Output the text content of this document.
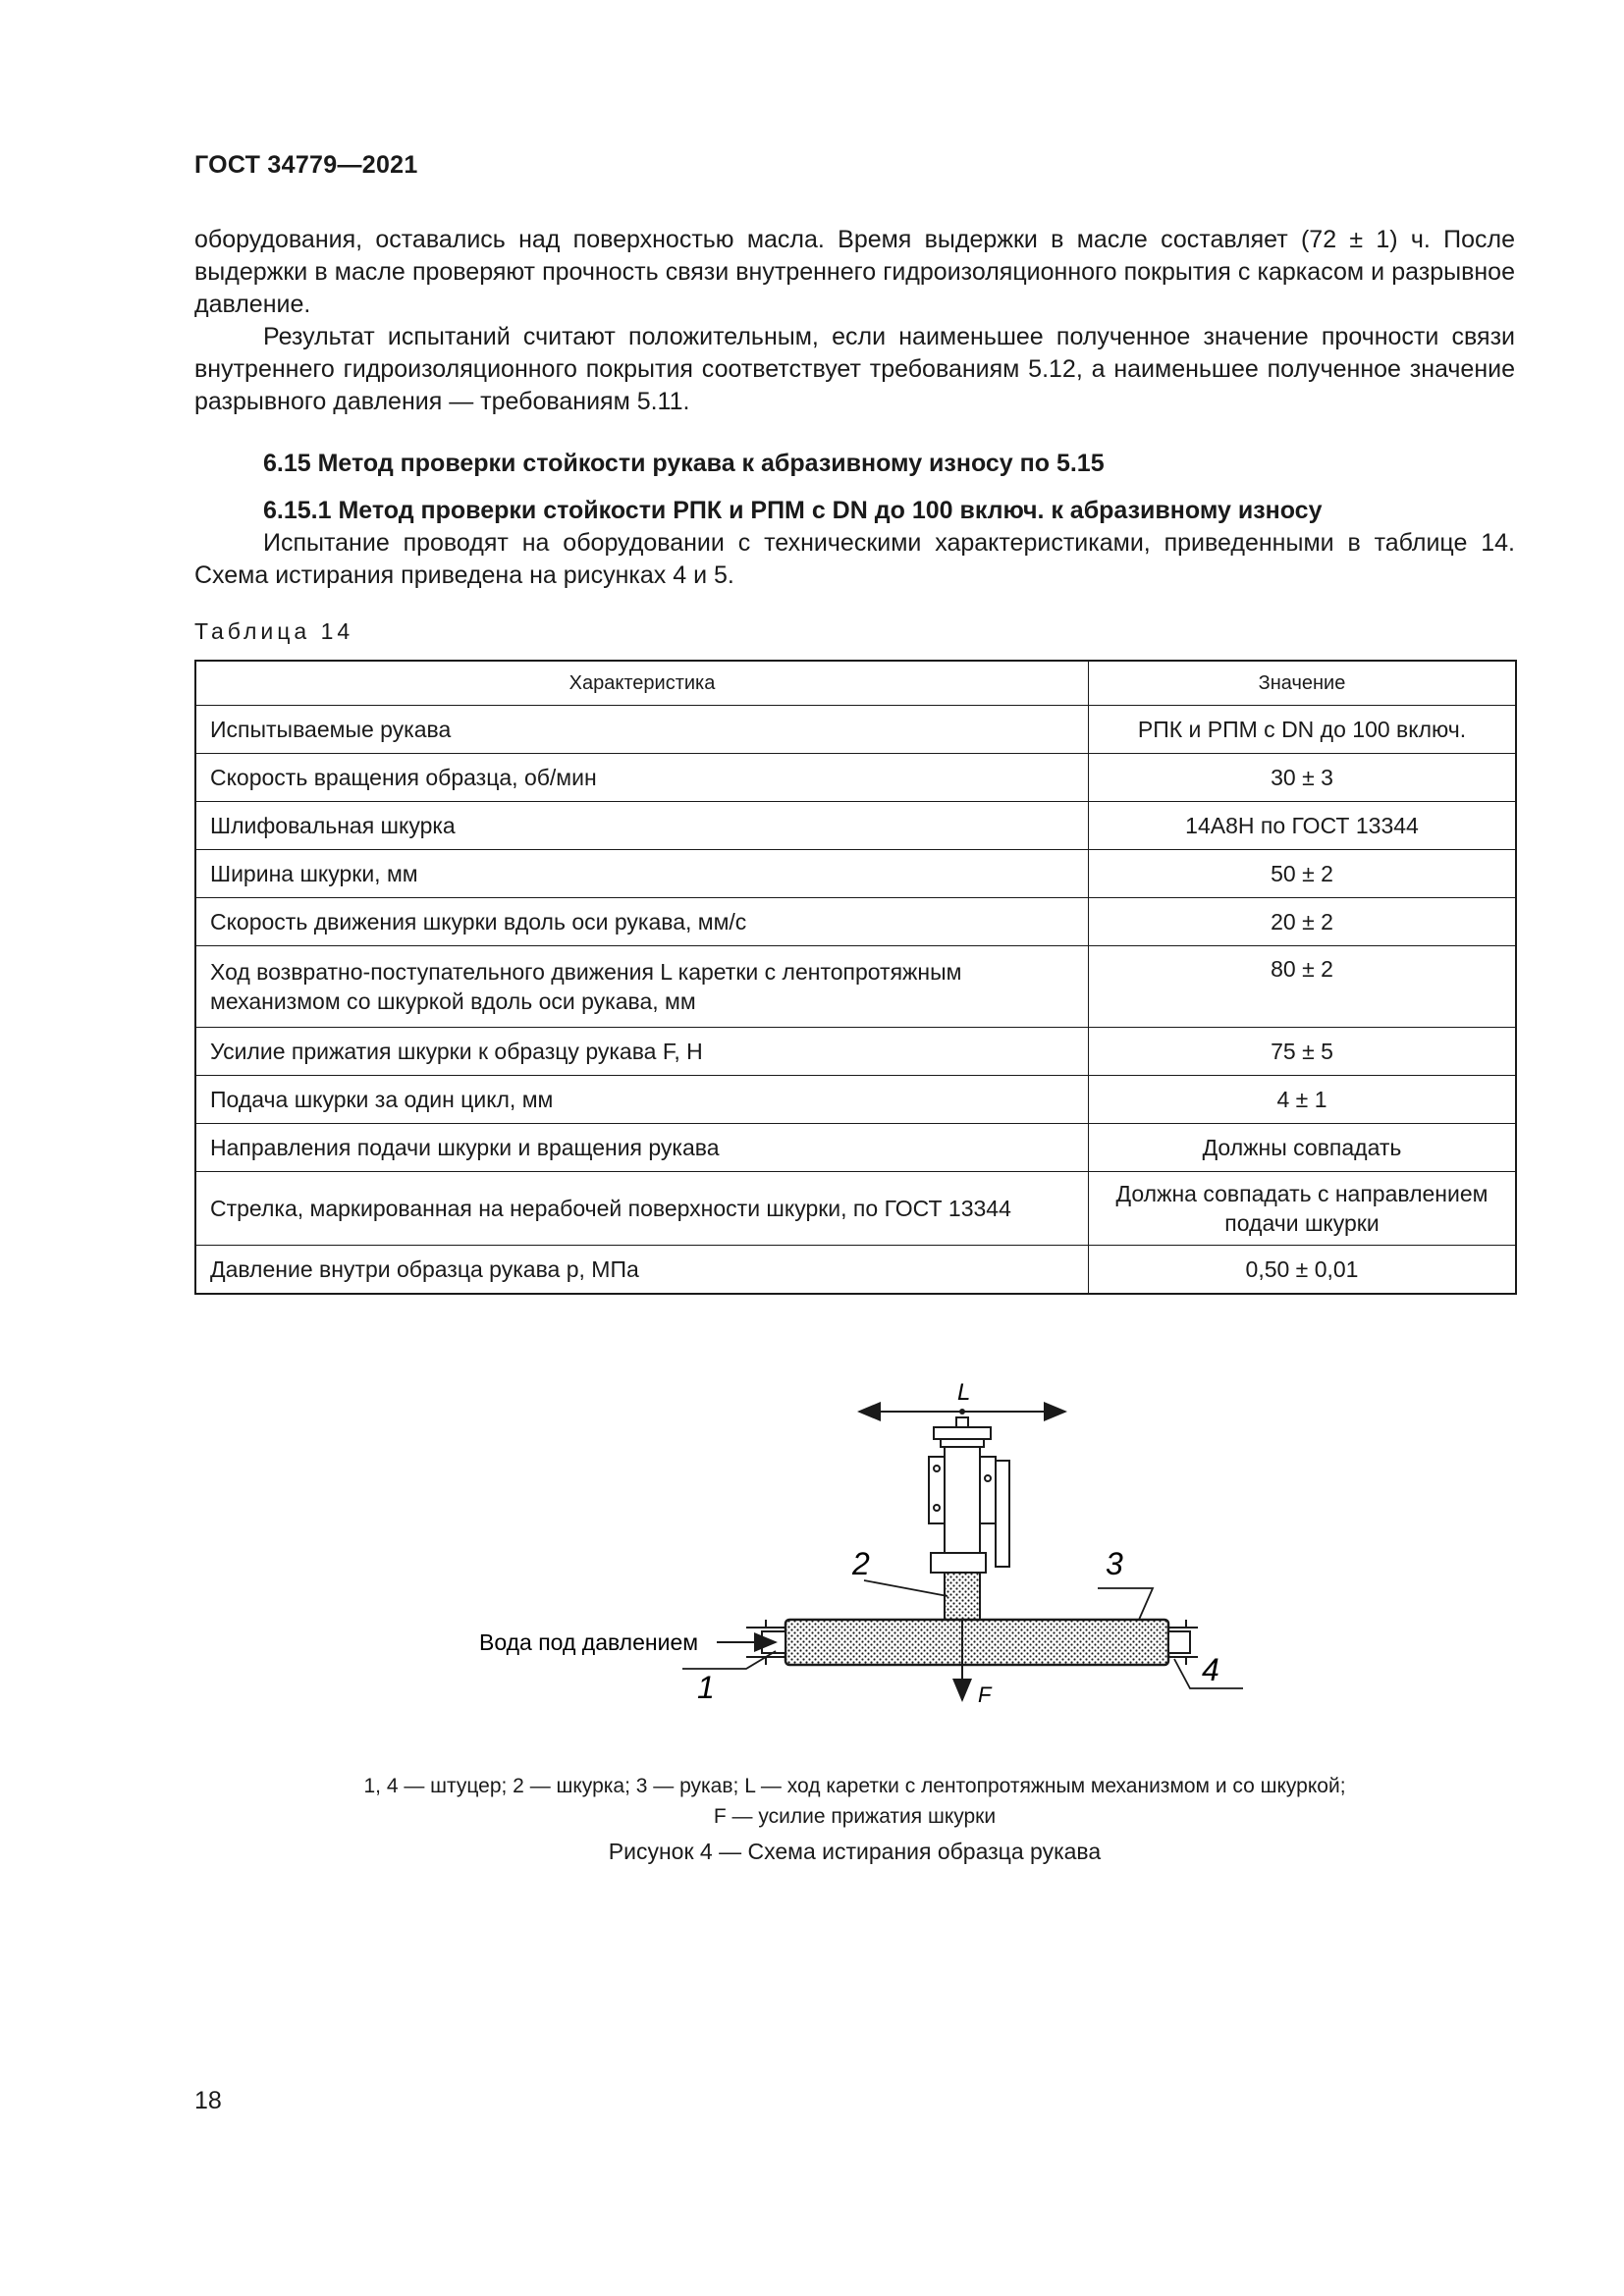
ГОСТ 34779—2021

оборудования, оставались над поверхностью масла. Время выдержки в масле составляет (72 ± 1) ч. После выдержки в масле проверяют прочность связи внутреннего гидроизоляционного покрытия с каркасом и разрывное давление.

Результат испытаний считают положительным, если наименьшее полученное значение прочности связи внутреннего гидроизоляционного покрытия соответствует требованиям 5.12, а наименьшее полученное значение разрывного давления — требованиям 5.11.

6.15 Метод проверки стойкости рукава к абразивному износу по 5.15
6.15.1 Метод проверки стойкости РПК и РПМ с DN до 100 включ. к абразивному износу

Испытание проводят на оборудовании с техническими характеристиками, приведенными в таблице 14. Схема истирания приведена на рисунках 4 и 5.

Таблица 14
Характеристика	Значение
Испытываемые рукава	РПК и РПМ с DN до 100 включ.
Скорость вращения образца, об/мин	30 ± 3
Шлифовальная шкурка	14А8Н по ГОСТ 13344
Ширина шкурки, мм	50 ± 2
Скорость движения шкурки вдоль оси рукава, мм/с	20 ± 2
Ход возвратно-поступательного движения L каретки с лентопротяжным механизмом со шкуркой вдоль оси рукава, мм	80 ± 2
Усилие прижатия шкурки к образцу рукава F, Н	75 ± 5
Подача шкурки за один цикл, мм	4 ± 1
Направления подачи шкурки и вращения рукава	Должны совпадать
Стрелка, маркированная на нерабочей поверхности шкурки, по ГОСТ 13344	Должна совпадать с направлением подачи шкурки
Давление внутри образца рукава p, МПа	0,50 ± 0,01
L
Вода под давлением
F
2	3
1	4

1, 4 — штуцер; 2 — шкурка; 3 — рукав; L — ход каретки с лентопротяжным механизмом и со шкуркой;

F — усилие прижатия шкурки

Рисунок 4 — Схема истирания образца рукава
18
